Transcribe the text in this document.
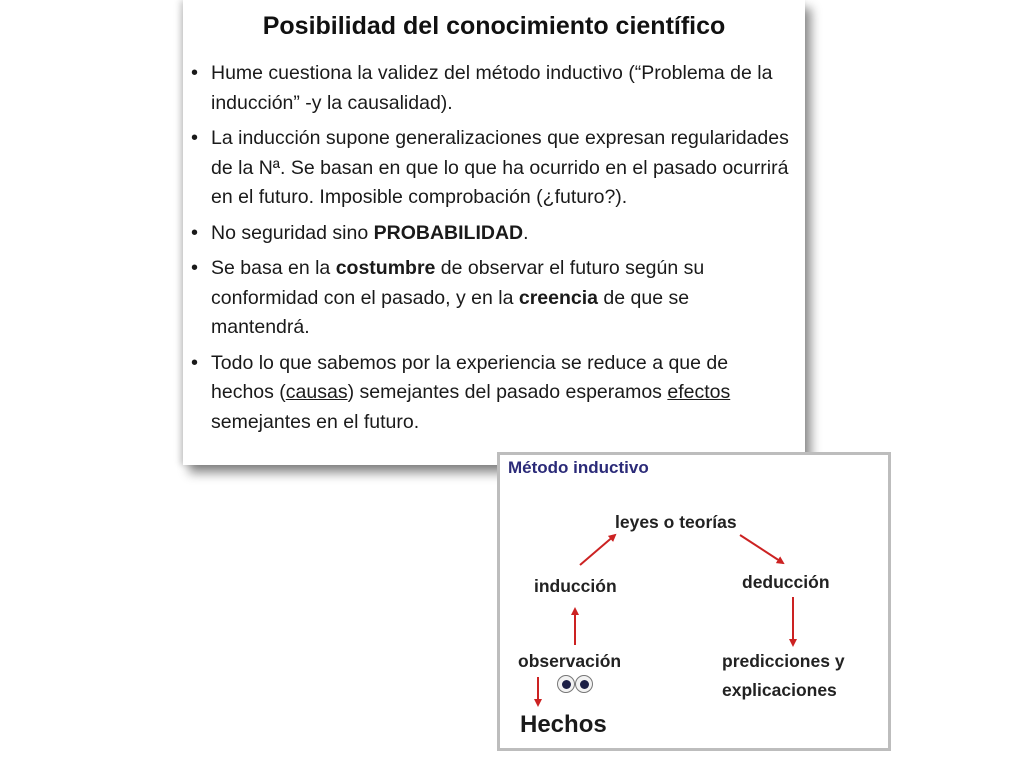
Posibilidad del conocimiento científico
• Hume cuestiona la validez del método inductivo (“Problema de la inducción” -y la causalidad).
• La inducción supone generalizaciones que expresan regularidades de la Nª. Se basan en que lo que ha ocurrido en el pasado ocurrirá en el futuro. Imposible comprobación (¿futuro?).
• No seguridad sino PROBABILIDAD.
• Se basa en la costumbre de observar el futuro según su conformidad con el pasado, y en la creencia de que se mantendrá.
• Todo lo que sabemos por la experiencia se reduce a que de hechos (causas) semejantes del pasado esperamos efectos semejantes en el futuro.
Método inductivo
leyes o teorías
inducción	deducción
observación	predicciones y
explicaciones
Hechos
